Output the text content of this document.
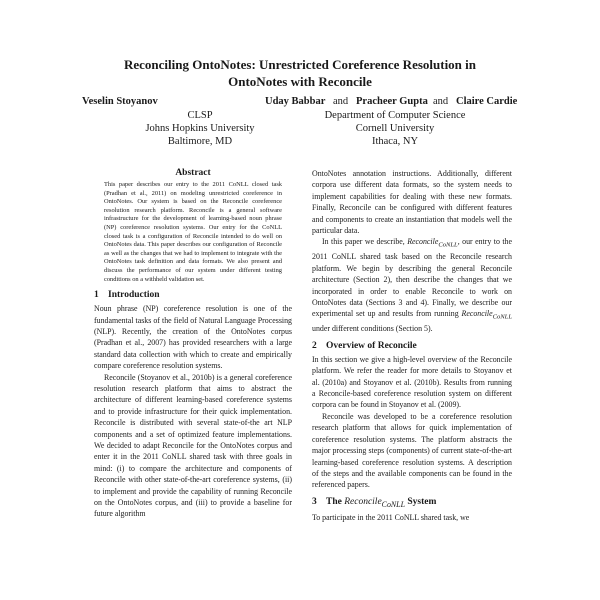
Reconciling OntoNotes: Unrestricted Coreference Resolution in
OntoNotes with Reconcile
Veselin Stoyanov	Uday Babbar and Pracheer Gupta and Claire Cardie
CLSP
Johns Hopkins University
Baltimore, MD
Department of Computer Science
Cornell University
Ithaca, NY
Abstract

This paper describes our entry to the 2011 CoNLL closed task (Pradhan et al., 2011) on modeling unrestricted coreference in OntoNotes. Our system is based on the Reconcile coreference resolution research platform. Reconcile is a general software infrastructure for the development of learning-based noun phrase (NP) coreference resolution systems. Our entry for the CoNLL closed task is a configuration of Reconcile intended to do well on OntoNotes data. This paper describes our configuration of Reconcile as well as the changes that we had to implement to integrate with the OntoNotes task definition and data formats. We also present and discuss the performance of our system under different testing conditions on a withheld validation set.

1 Introduction

Noun phrase (NP) coreference resolution is one of the fundamental tasks of the field of Natural Language Processing (NLP). Recently, the creation of the OntoNotes corpus (Pradhan et al., 2007) has provided researchers with a large standard data collection with which to create and empirically compare coreference resolution systems.

Reconcile (Stoyanov et al., 2010b) is a general coreference resolution research platform that aims to abstract the architecture of different learning-based coreference systems and to provide infrastructure for their quick implementation. Reconcile is distributed with several state-of-the art NLP components and a set of optimized feature implementations. We decided to adapt Reconcile for the OntoNotes corpus and enter it in the 2011 CoNLL shared task with three goals in mind: (i) to compare the architecture and components of Reconcile with other state-of-the-art coreference systems, (ii) to implement and provide the capability of running Reconcile on the OntoNotes corpus, and (iii) to provide a baseline for future algorithm

OntoNotes annotation instructions. Additionally, different corpora use different data formats, so the system needs to implement capabilities for dealing with these new formats. Finally, Reconcile can be configured with different features and components to create an instantiation that models well the particular data.

In this paper we describe, Reconcile$_{CoNLL}$, our entry to the 2011 CoNLL shared task based on the Reconcile research platform. We begin by describing the general Reconcile architecture (Section 2), then describe the changes that we incorporated in order to enable Reconcile to work on OntoNotes data (Sections 3 and 4). Finally, we describe our experimental set up and results from running Reconcile$_{CoNLL}$ under different conditions (Section 5).

2 Overview of Reconcile

In this section we give a high-level overview of the Reconcile platform. We refer the reader for more details to Stoyanov et al. (2010a) and Stoyanov et al. (2010b). Results from running a Reconcile-based coreference resolution system on different corpora can be found in Stoyanov et al. (2009).

Reconcile was developed to be a coreference resolution research platform that allows for quick implementation of coreference resolution systems. The platform abstracts the major processing steps (components) of current state-of-the-art learning-based coreference resolution systems. A description of the steps and the available components can be found in the referenced papers.

3 The Reconcile$_{CoNLL}$ System

To participate in the 2011 CoNLL shared task, we
